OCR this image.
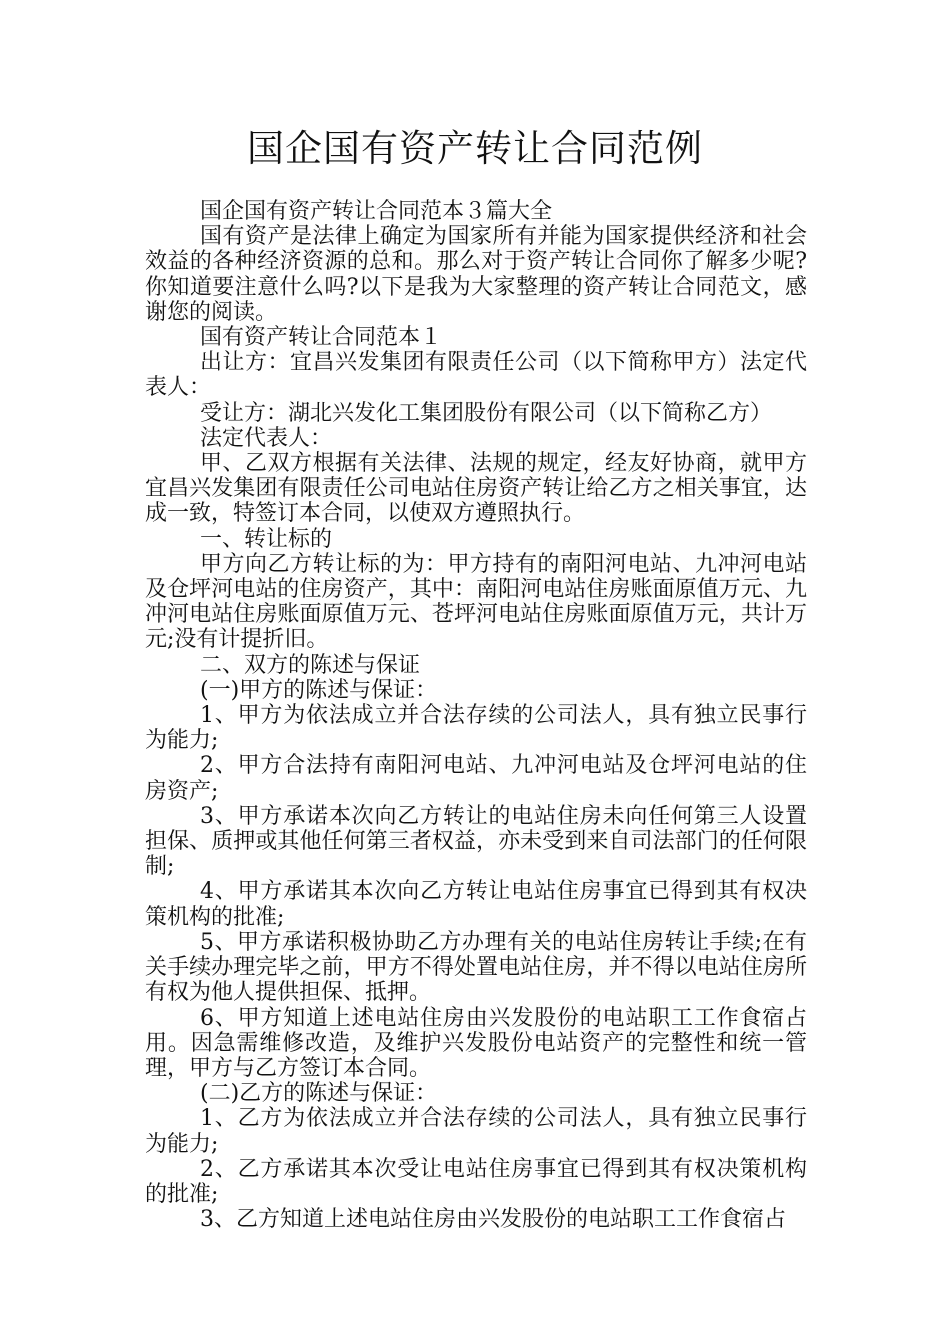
国企国有资产转让合同范例

国企国有资产转让合同范本３篇大全

国有资产是法律上确定为国家所有并能为国家提供经济和社会效益的各种经济资源的总和。那么对于资产转让合同你了解多少呢?你知道要注意什么吗?以下是我为大家整理的资产转让合同范文，感谢您的阅读。

国有资产转让合同范本１

出让方：宜昌兴发集团有限责任公司（以下简称甲方）法定代表人：

受让方：湖北兴发化工集团股份有限公司（以下简称乙方）

法定代表人：

甲、乙双方根据有关法律、法规的规定，经友好协商，就甲方宜昌兴发集团有限责任公司电站住房资产转让给乙方之相关事宜，达成一致，特签订本合同，以使双方遵照执行。

一、转让标的

甲方向乙方转让标的为：甲方持有的南阳河电站、九冲河电站及仓坪河电站的住房资产，其中：南阳河电站住房账面原值万元、九冲河电站住房账面原值万元、苍坪河电站住房账面原值万元，共计万元;没有计提折旧。

二、双方的陈述与保证

(一)甲方的陈述与保证：

1、甲方为依法成立并合法存续的公司法人，具有独立民事行为能力;

2、甲方合法持有南阳河电站、九冲河电站及仓坪河电站的住房资产;

3、甲方承诺本次向乙方转让的电站住房未向任何第三人设置担保、质押或其他任何第三者权益，亦未受到来自司法部门的任何限制;

4、甲方承诺其本次向乙方转让电站住房事宜已得到其有权决策机构的批准;

5、甲方承诺积极协助乙方办理有关的电站住房转让手续;在有关手续办理完毕之前，甲方不得处置电站住房，并不得以电站住房所有权为他人提供担保、抵押。

6、甲方知道上述电站住房由兴发股份的电站职工工作食宿占用。因急需维修改造，及维护兴发股份电站资产的完整性和统一管理，甲方与乙方签订本合同。

(二)乙方的陈述与保证：

1、乙方为依法成立并合法存续的公司法人，具有独立民事行为能力;

2、乙方承诺其本次受让电站住房事宜已得到其有权决策机构的批准;

3、乙方知道上述电站住房由兴发股份的电站职工工作食宿占
